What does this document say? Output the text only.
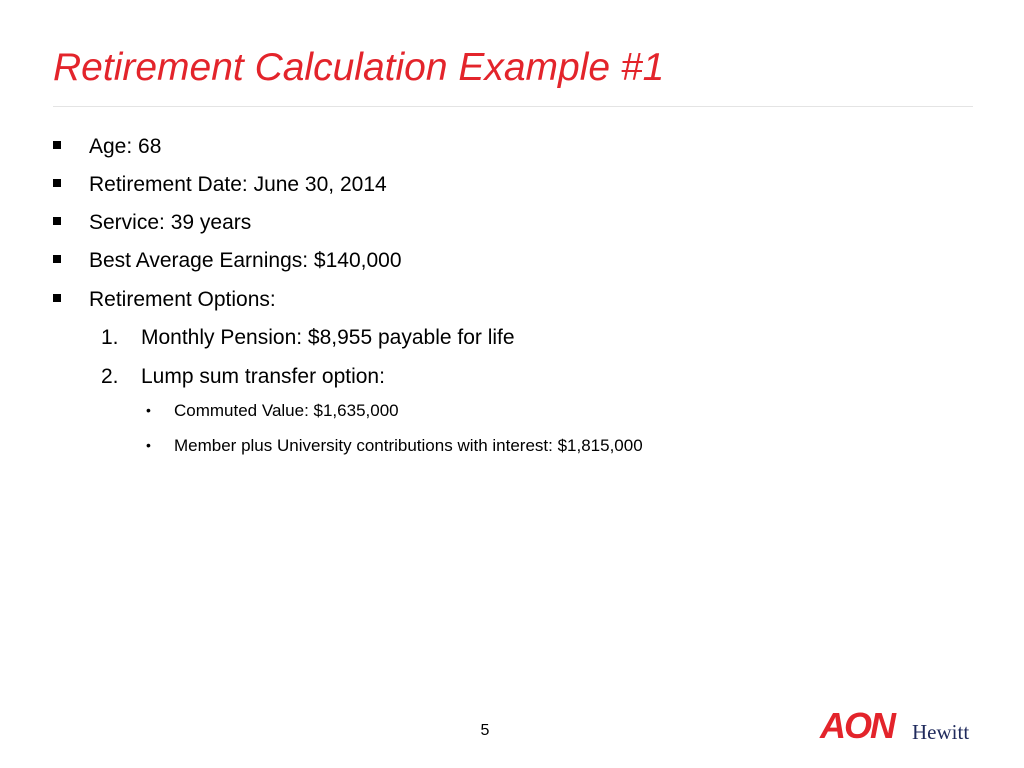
Retirement Calculation Example #1
Age: 68
Retirement Date: June 30, 2014
Service: 39 years
Best Average Earnings: $140,000
Retirement Options:
1.	Monthly Pension: $8,955 payable for life
2.	Lump sum transfer option:
• Commuted Value: $1,635,000
• Member plus University contributions with interest: $1,815,000
5	AON Hewitt
